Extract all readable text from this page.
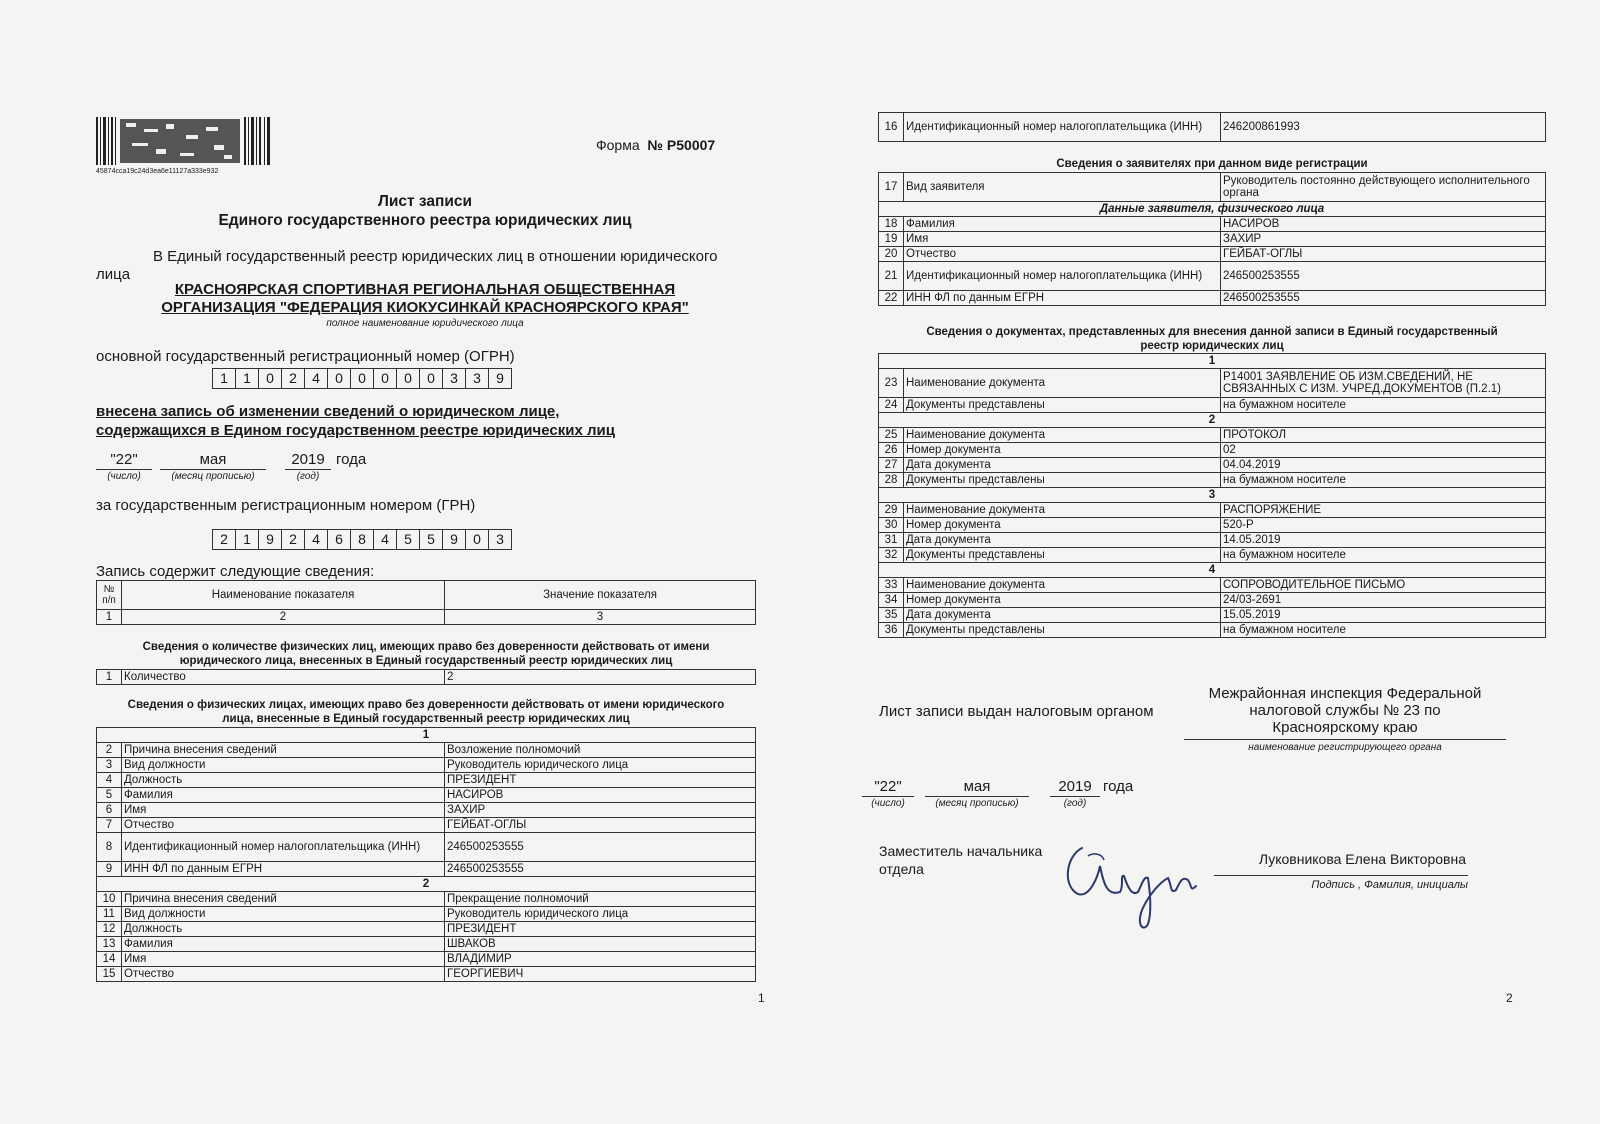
45874cca19c24d3ea6e11127a333e932
Форма № Р50007
Лист записи
Единого государственного реестра юридических лиц
В Единый государственный реестр юридических лиц в отношении юридического
лица
КРАСНОЯРСКАЯ СПОРТИВНАЯ РЕГИОНАЛЬНАЯ ОБЩЕСТВЕННАЯ
ОРГАНИЗАЦИЯ "ФЕДЕРАЦИЯ КИОКУСИНКАЙ КРАСНОЯРСКОГО КРАЯ"
полное наименование юридического лица
основной государственный регистрационный номер (ОГРН)
1	1	0	2	4	0	0	0	0	0	3	3	9
внесена запись об изменении сведений о юридическом лице,
содержащихся в Едином государственном реестре юридических лиц
"22"	мая	2019 года
(число)	(месяц прописью)	(год)
за государственным регистрационным номером (ГРН)
2	1	9	2	4	6	8	4	5	5	9	0	3
Запись содержит следующие сведения:
№ п/п	Наименование показателя	Значение показателя
1	2	3
Сведения о количестве физических лиц, имеющих право без доверенности действовать от имени
юридического лица, внесенных в Единый государственный реестр юридических лиц
1	Количество	2
Сведения о физических лицах, имеющих право без доверенности действовать от имени юридического
лица, внесенные в Единый государственный реестр юридических лиц
1		
2	Причина внесения сведений	Возложение полномочий
3	Вид должности	Руководитель юридического лица
4	Должность	ПРЕЗИДЕНТ
5	Фамилия	НАСИРОВ
6	Имя	ЗАХИР
7	Отчество	ГЕЙБАТ-ОГЛЫ
8	Идентификационный номер налогоплательщика (ИНН)	246500253555
9	ИНН ФЛ по данным ЕГРН	246500253555
2		
10	Причина внесения сведений	Прекращение полномочий
11	Вид должности	Руководитель юридического лица
12	Должность	ПРЕЗИДЕНТ
13	Фамилия	ШВАКОВ
14	Имя	ВЛАДИМИР
15	Отчество	ГЕОРГИЕВИЧ
1
16	Идентификационный номер налогоплательщика (ИНН)	246200861993
Сведения о заявителях при данном виде регистрации
17	Вид заявителя	Руководитель постоянно действующего исполнительного органа
Данные заявителя, физического лица		
18	Фамилия	НАСИРОВ
19	Имя	ЗАХИР
20	Отчество	ГЕЙБАТ-ОГЛЫ
21	Идентификационный номер налогоплательщика (ИНН)	246500253555
22	ИНН ФЛ по данным ЕГРН	246500253555
Сведения о документах, представленных для внесения данной записи в Единый государственный
реестр юридических лиц
1		
23	Наименование документа	Р14001 ЗАЯВЛЕНИЕ ОБ ИЗМ.СВЕДЕНИЙ, НЕ СВЯЗАННЫХ С ИЗМ. УЧРЕД.ДОКУМЕНТОВ (П.2.1)
24	Документы представлены	на бумажном носителе
2		
25	Наименование документа	ПРОТОКОЛ
26	Номер документа	02
27	Дата документа	04.04.2019
28	Документы представлены	на бумажном носителе
3		
29	Наименование документа	РАСПОРЯЖЕНИЕ
30	Номер документа	520-Р
31	Дата документа	14.05.2019
32	Документы представлены	на бумажном носителе
4		
33	Наименование документа	СОПРОВОДИТЕЛЬНОЕ ПИСЬМО
34	Номер документа	24/03-2691
35	Дата документа	15.05.2019
36	Документы представлены	на бумажном носителе
Лист записи выдан налоговым органом
Межрайонная инспекция Федеральной
налоговой службы № 23 по
Красноярскому краю
наименование регистрирующего органа
"22"	мая	2019 года
(число)	(месяц прописью)	(год)
Заместитель начальника
отдела
Луковникова Елена Викторовна
Подпись , Фамилия, инициалы
2
